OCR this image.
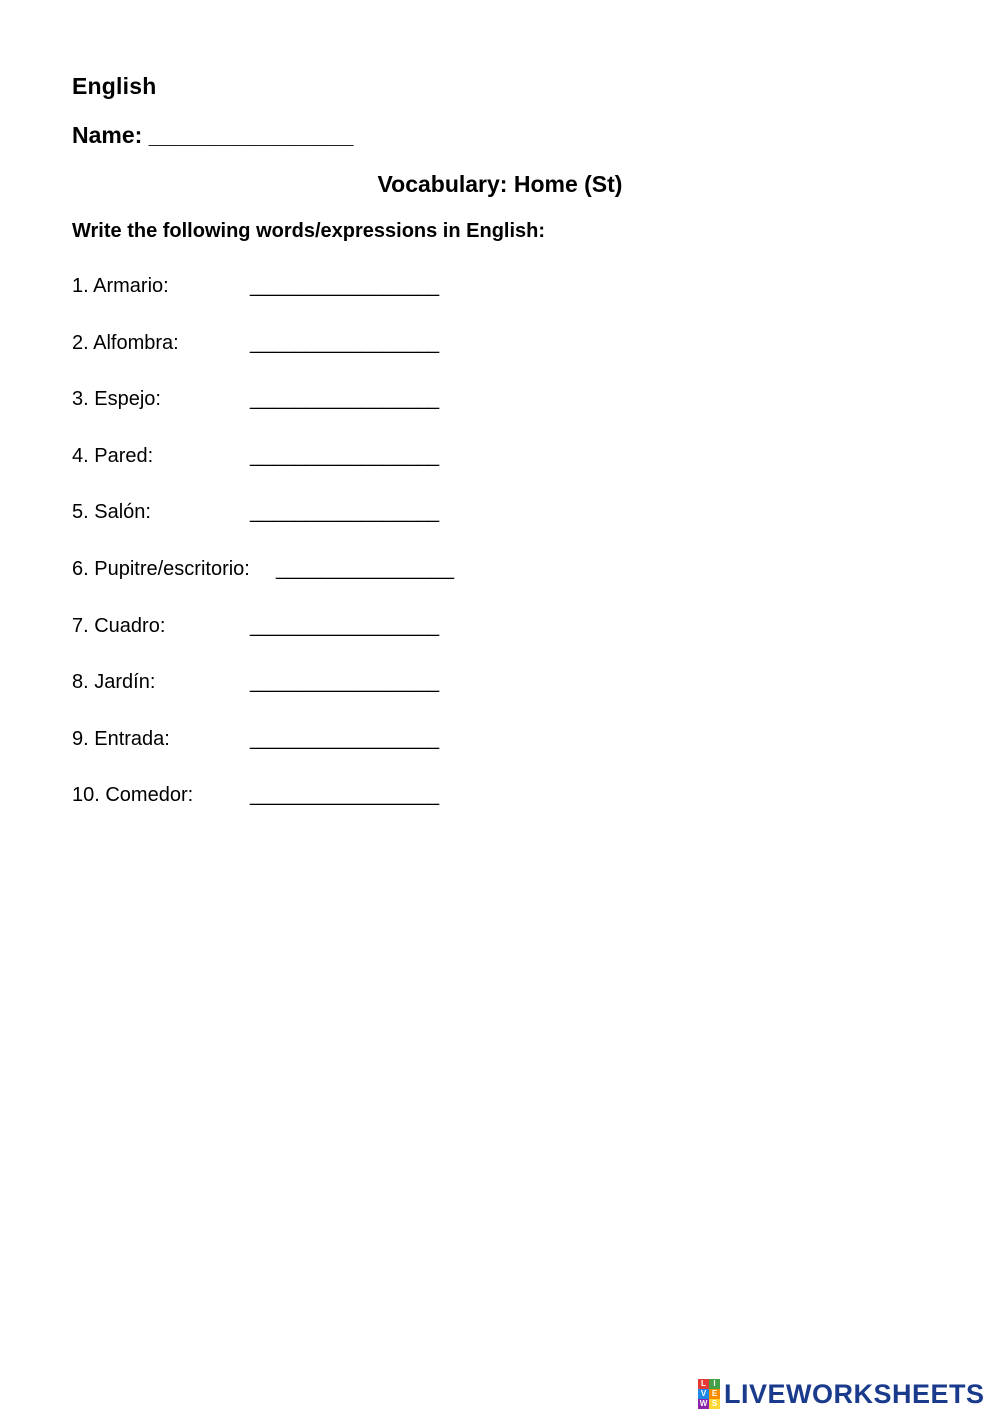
English
Name: ________________
Vocabulary: Home (St)
Write the following words/expressions in English:
1. Armario:	_________________
2. Alfombra:	_________________
3. Espejo:	_________________
4. Pared:	_________________
5. Salón:	_________________
6. Pupitre/escritorio: ________________
7. Cuadro:	_________________
8. Jardín:	_________________
9. Entrada:	_________________
10. Comedor:	_________________
L I
V E
W S LIVEWORKSHEETS
